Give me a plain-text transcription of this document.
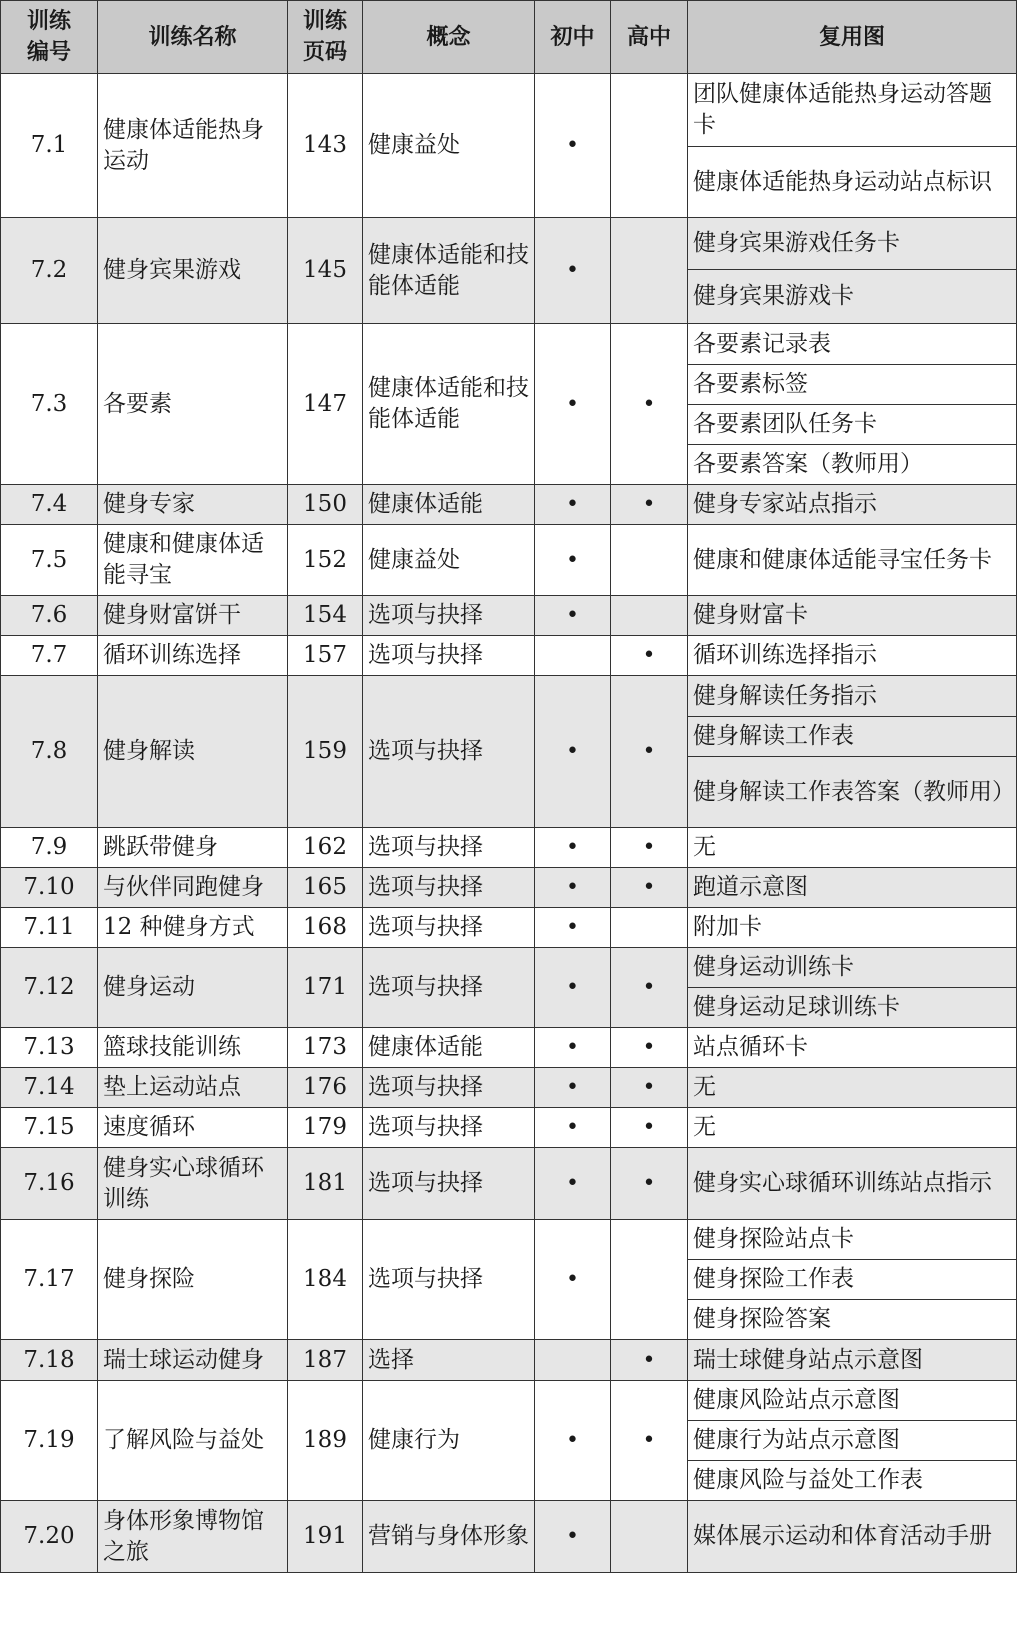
训练编号	训练名称	训练页码	概念	初中	高中	复用图
7.1	健康体适能热身运动	143	健康益处	•		团队健康体适能热身运动答题卡
						健康体适能热身运动站点标识
7.2	健身宾果游戏	145	健康体适能和技能体适能	•		健身宾果游戏任务卡
						健身宾果游戏卡
7.3	各要素	147	健康体适能和技能体适能	•	•	各要素记录表
						各要素标签
						各要素团队任务卡
						各要素答案（教师用）
7.4	健身专家	150	健康体适能	•	•	健身专家站点指示
7.5	健康和健康体适能寻宝	152	健康益处	•		健康和健康体适能寻宝任务卡
7.6	健身财富饼干	154	选项与抉择	•		健身财富卡
7.7	循环训练选择	157	选项与抉择		•	循环训练选择指示
7.8	健身解读	159	选项与抉择	•	•	健身解读任务指示
						健身解读工作表
						健身解读工作表答案（教师用）
7.9	跳跃带健身	162	选项与抉择	•	•	无
7.10	与伙伴同跑健身	165	选项与抉择	•	•	跑道示意图
7.11	12 种健身方式	168	选项与抉择	•		附加卡
7.12	健身运动	171	选项与抉择	•	•	健身运动训练卡
						健身运动足球训练卡
7.13	篮球技能训练	173	健康体适能	•	•	站点循环卡
7.14	垫上运动站点	176	选项与抉择	•	•	无
7.15	速度循环	179	选项与抉择	•	•	无
7.16	健身实心球循环训练	181	选项与抉择	•	•	健身实心球循环训练站点指示
7.17	健身探险	184	选项与抉择	•		健身探险站点卡
						健身探险工作表
						健身探险答案
7.18	瑞士球运动健身	187	选择		•	瑞士球健身站点示意图
7.19	了解风险与益处	189	健康行为	•	•	健康风险站点示意图
						健康行为站点示意图
						健康风险与益处工作表
7.20	身体形象博物馆之旅	191	营销与身体形象	•		媒体展示运动和体育活动手册
